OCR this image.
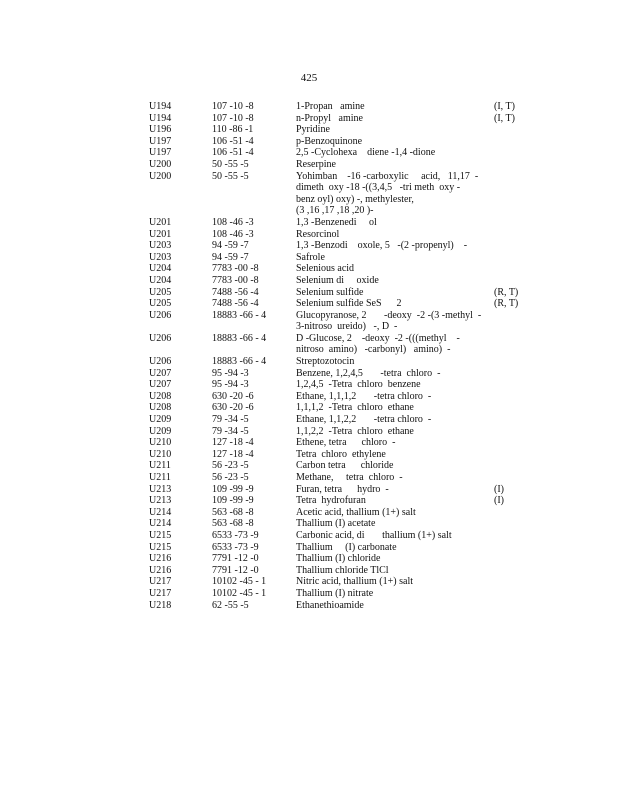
425
U194	107 -10 -8	1-Propan   amine	(I, T)
U194	107 -10 -8	n-Propyl   amine	(I, T)
U196	110 -86 -1	Pyridine
U197	106 -51 -4	p-Benzoquinone
U197	106 -51 -4	2,5 -Cyclohexa    diene -1,4 -dione
U200	50 -55 -5	Reserpine
U200	50 -55 -5	Yohimban    -16 -carboxylic     acid,   11,17  -
dimeth  oxy -18 -((3,4,5   -tri meth  oxy -
benz oyl) oxy) -, methylester,
(3 ,16 ,17 ,18 ,20 )-
U201	108 -46 -3	1,3 -Benzenedi     ol
U201	108 -46 -3	Resorcinol
U203	94 -59 -7	1,3 -Benzodi    oxole, 5   -(2 -propenyl)    -
U203	94 -59 -7	Safrole
U204	7783 -00 -8	Selenious acid
U204	7783 -00 -8	Selenium di     oxide
U205	7488 -56 -4	Selenium sulfide	(R, T)
U205	7488 -56 -4	Selenium sulfide SeS      2	(R, T)
U206	18883 -66 - 4	Glucopyranose, 2       -deoxy  -2 -(3 -methyl  -
3-nitroso  ureido)   -, D  -
U206	18883 -66 - 4	D -Glucose, 2    -deoxy  -2 -(((methyl    -
nitroso  amino)   -carbonyl)   amino)  -
U206	18883 -66 - 4	Streptozotocin
U207	95 -94 -3	Benzene, 1,2,4,5       -tetra  chloro  -
U207	95 -94 -3	1,2,4,5  -Tetra  chloro  benzene
U208	630 -20 -6	Ethane, 1,1,1,2       -tetra chloro  -
U208	630 -20 -6	1,1,1,2  -Tetra  chloro  ethane
U209	79 -34 -5	Ethane, 1,1,2,2       -tetra chloro  -
U209	79 -34 -5	1,1,2,2  -Tetra  chloro  ethane
U210	127 -18 -4	Ethene, tetra      chloro  -
U210	127 -18 -4	Tetra  chloro  ethylene
U211	56 -23 -5	Carbon tetra      chloride
U211	56 -23 -5	Methane,     tetra  chloro  -
U213	109 -99 -9	Furan, tetra      hydro  -	(I)
U213	109 -99 -9	Tetra  hydrofuran	(I)
U214	563 -68 -8	Acetic acid, thallium (1+) salt
U214	563 -68 -8	Thallium (I) acetate
U215	6533 -73 -9	Carbonic acid, di       thallium (1+) salt
U215	6533 -73 -9	Thallium     (I) carbonate
U216	7791 -12 -0	Thallium (I) chloride
U216	7791 -12 -0	Thallium chloride TlCl
U217	10102 -45 - 1	Nitric acid, thallium (1+) salt
U217	10102 -45 - 1	Thallium (I) nitrate
U218	62 -55 -5	Ethanethioamide
